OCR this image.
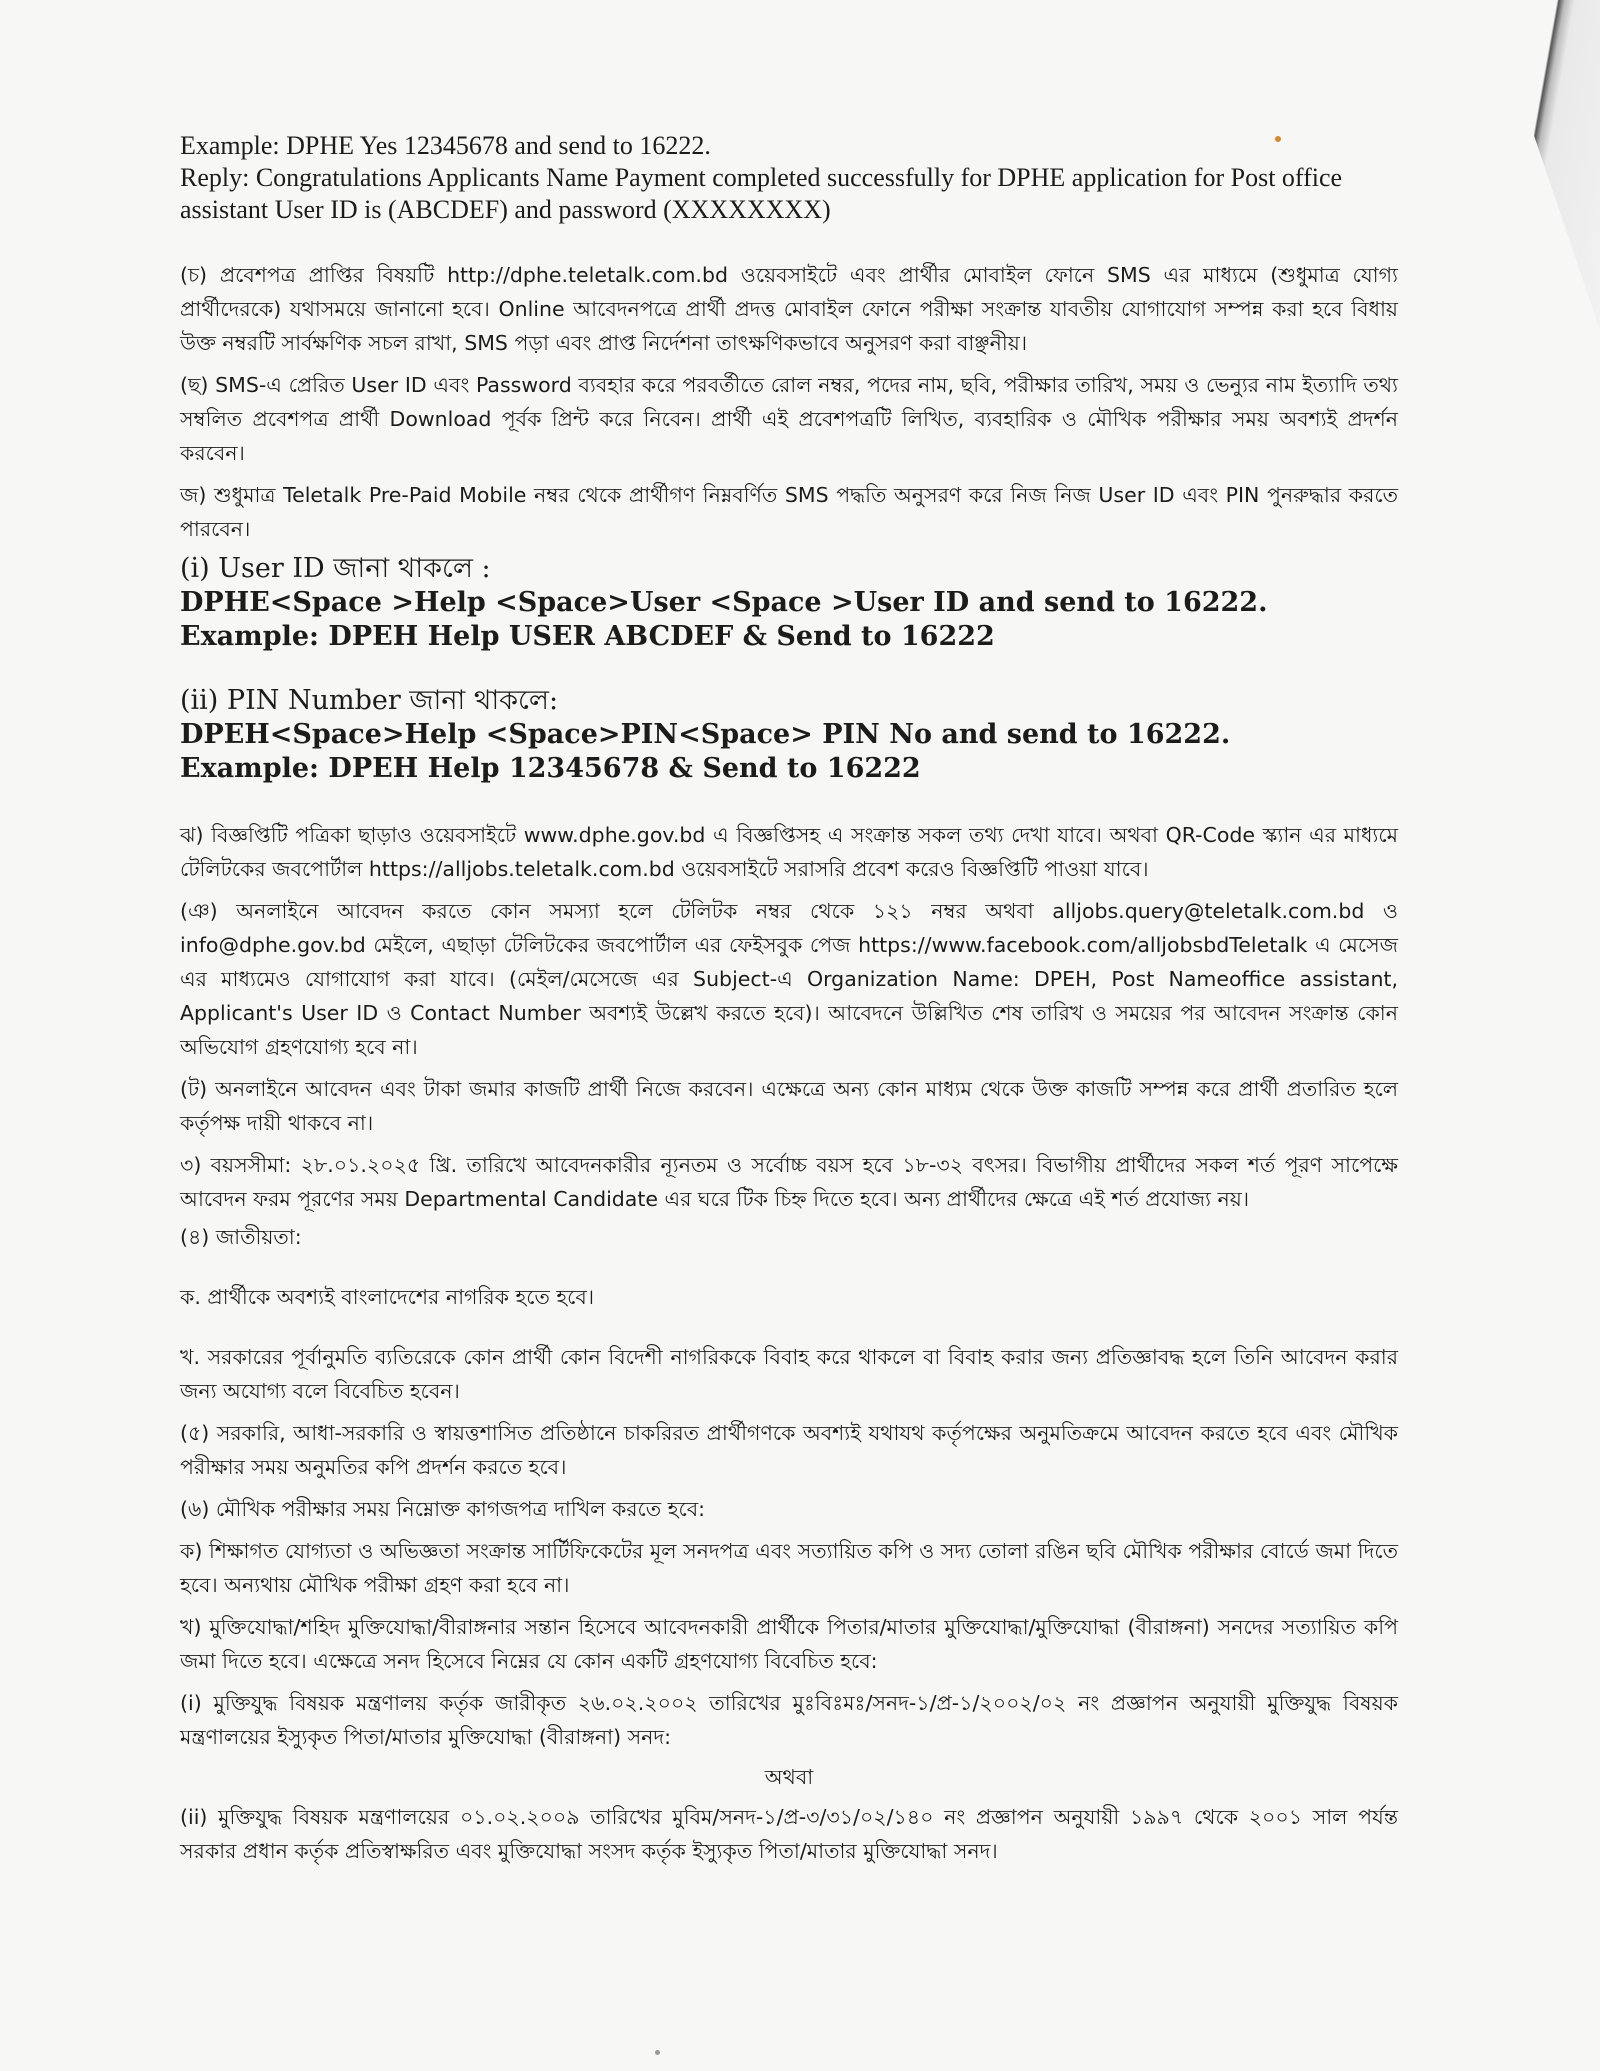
Example: DPHE Yes 12345678 and send to 16222.

Reply: Congratulations Applicants Name Payment completed successfully for DPHE application for Post office assistant User ID is (ABCDEF) and password (XXXXXXXX)

(চ) প্রবেশপত্র প্রাপ্তির বিষয়টি http://dphe.teletalk.com.bd ওয়েবসাইটে এবং প্রার্থীর মোবাইল ফোনে SMS এর মাধ্যমে (শুধুমাত্র যোগ্য প্রার্থীদেরকে) যথাসময়ে জানানো হবে। Online আবেদনপত্রে প্রার্থী প্রদত্ত মোবাইল ফোনে পরীক্ষা সংক্রান্ত যাবতীয় যোগাযোগ সম্পন্ন করা হবে বিধায় উক্ত নম্বরটি সার্বক্ষণিক সচল রাখা, SMS পড়া এবং প্রাপ্ত নির্দেশনা তাৎক্ষণিকভাবে অনুসরণ করা বাঞ্ছনীয়।

(ছ) SMS-এ প্রেরিত User ID এবং Password ব্যবহার করে পরবর্তীতে রোল নম্বর, পদের নাম, ছবি, পরীক্ষার তারিখ, সময় ও ভেন্যুর নাম ইত্যাদি তথ্য সম্বলিত প্রবেশপত্র প্রার্থী Download পূর্বক প্রিন্ট করে নিবেন। প্রার্থী এই প্রবেশপত্রটি লিখিত, ব্যবহারিক ও মৌখিক পরীক্ষার সময় অবশ্যই প্রদর্শন করবেন।

জ) শুধুমাত্র Teletalk Pre-Paid Mobile নম্বর থেকে প্রার্থীগণ নিম্নবর্ণিত SMS পদ্ধতি অনুসরণ করে নিজ নিজ User ID এবং PIN পুনরুদ্ধার করতে পারবেন।

(i) User ID জানা থাকলে :

DPHE<Space >Help <Space>User <Space >User ID and send to 16222.

Example: DPEH Help USER ABCDEF & Send to 16222

(ii) PIN Number জানা থাকলে:

DPEH<Space>Help <Space>PIN<Space> PIN No and send to 16222.

Example: DPEH Help 12345678 & Send to 16222

ঝ) বিজ্ঞপ্তিটি পত্রিকা ছাড়াও ওয়েবসাইটে www.dphe.gov.bd এ বিজ্ঞপ্তিসহ এ সংক্রান্ত সকল তথ্য দেখা যাবে। অথবা QR-Code স্ক্যান এর মাধ্যমে টেলিটকের জবপোর্টাল https://alljobs.teletalk.com.bd ওয়েবসাইটে সরাসরি প্রবেশ করেও বিজ্ঞপ্তিটি পাওয়া যাবে।

(ঞ) অনলাইনে আবেদন করতে কোন সমস্যা হলে টেলিটক নম্বর থেকে ১২১ নম্বর অথবা alljobs.query@teletalk.com.bd ও info@dphe.gov.bd মেইলে, এছাড়া টেলিটকের জবপোর্টাল এর ফেইসবুক পেজ https://www.facebook.com/alljobsbdTeletalk এ মেসেজ এর মাধ্যমেও যোগাযোগ করা যাবে। (মেইল/মেসেজে এর Subject-এ Organization Name: DPEH, Post Nameoffice assistant, Applicant's User ID ও Contact Number অবশ্যই উল্লেখ করতে হবে)। আবেদনে উল্লিখিত শেষ তারিখ ও সময়ের পর আবেদন সংক্রান্ত কোন অভিযোগ গ্রহণযোগ্য হবে না।

(ট) অনলাইনে আবেদন এবং টাকা জমার কাজটি প্রার্থী নিজে করবেন। এক্ষেত্রে অন্য কোন মাধ্যম থেকে উক্ত কাজটি সম্পন্ন করে প্রার্থী প্রতারিত হলে কর্তৃপক্ষ দায়ী থাকবে না।

৩) বয়সসীমা: ২৮.০১.২০২৫ খ্রি. তারিখে আবেদনকারীর ন্যূনতম ও সর্বোচ্চ বয়স হবে ১৮-৩২ বৎসর। বিভাগীয় প্রার্থীদের সকল শর্ত পূরণ সাপেক্ষে আবেদন ফরম পূরণের সময় Departmental Candidate এর ঘরে টিক চিহ্ন দিতে হবে। অন্য প্রার্থীদের ক্ষেত্রে এই শর্ত প্রযোজ্য নয়।

(৪) জাতীয়তা:

ক. প্রার্থীকে অবশ্যই বাংলাদেশের নাগরিক হতে হবে।

খ. সরকারের পূর্বানুমতি ব্যতিরেকে কোন প্রার্থী কোন বিদেশী নাগরিককে বিবাহ করে থাকলে বা বিবাহ করার জন্য প্রতিজ্ঞাবদ্ধ হলে তিনি আবেদন করার জন্য অযোগ্য বলে বিবেচিত হবেন।

(৫) সরকারি, আধা-সরকারি ও স্বায়ত্তশাসিত প্রতিষ্ঠানে চাকরিরত প্রার্থীগণকে অবশ্যই যথাযথ কর্তৃপক্ষের অনুমতিক্রমে আবেদন করতে হবে এবং মৌখিক পরীক্ষার সময় অনুমতির কপি প্রদর্শন করতে হবে।

(৬) মৌখিক পরীক্ষার সময় নিম্নোক্ত কাগজপত্র দাখিল করতে হবে:

ক) শিক্ষাগত যোগ্যতা ও অভিজ্ঞতা সংক্রান্ত সার্টিফিকেটের মূল সনদপত্র এবং সত্যায়িত কপি ও সদ্য তোলা রঙিন ছবি মৌখিক পরীক্ষার বোর্ডে জমা দিতে হবে। অন্যথায় মৌখিক পরীক্ষা গ্রহণ করা হবে না।

খ) মুক্তিযোদ্ধা/শহিদ মুক্তিযোদ্ধা/বীরাঙ্গনার সন্তান হিসেবে আবেদনকারী প্রার্থীকে পিতার/মাতার মুক্তিযোদ্ধা/মুক্তিযোদ্ধা (বীরাঙ্গনা) সনদের সত্যায়িত কপি জমা দিতে হবে। এক্ষেত্রে সনদ হিসেবে নিম্নের যে কোন একটি গ্রহণযোগ্য বিবেচিত হবে:

(i) মুক্তিযুদ্ধ বিষয়ক মন্ত্রণালয় কর্তৃক জারীকৃত ২৬.০২.২০০২ তারিখের মুঃবিঃমঃ/সনদ-১/প্র-১/২০০২/০২ নং প্রজ্ঞাপন অনুযায়ী মুক্তিযুদ্ধ বিষয়ক মন্ত্রণালয়ের ইস্যুকৃত পিতা/মাতার মুক্তিযোদ্ধা (বীরাঙ্গনা) সনদ:

অথবা

(ii) মুক্তিযুদ্ধ বিষয়ক মন্ত্রণালয়ের ০১.০২.২০০৯ তারিখের মুবিম/সনদ-১/প্র-৩/৩১/০২/১৪০ নং প্রজ্ঞাপন অনুযায়ী ১৯৯৭ থেকে ২০০১ সাল পর্যন্ত সরকার প্রধান কর্তৃক প্রতিস্বাক্ষরিত এবং মুক্তিযোদ্ধা সংসদ কর্তৃক ইস্যুকৃত পিতা/মাতার মুক্তিযোদ্ধা সনদ।
